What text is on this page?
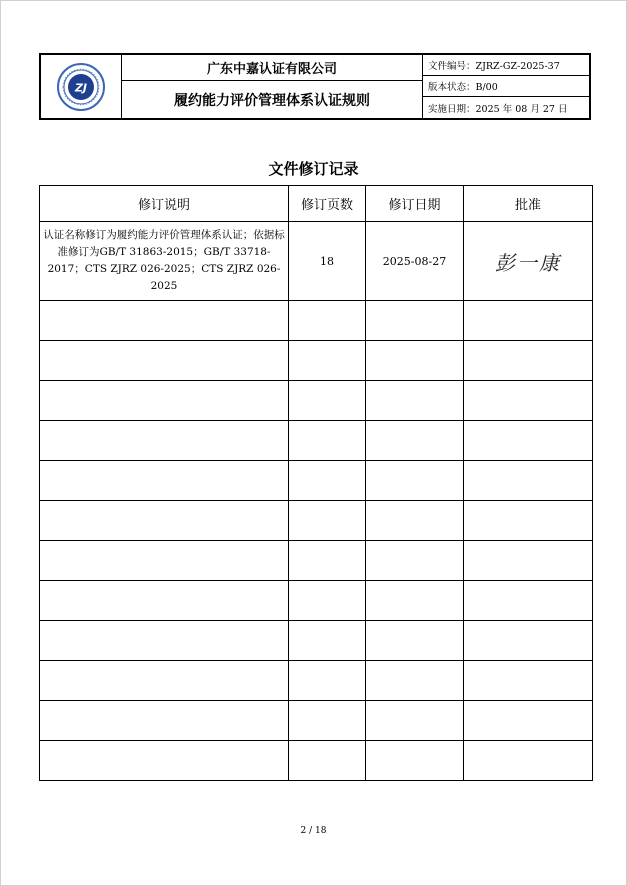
ZJ
广东中嘉认证有限公司
履约能力评价管理体系认证规则
文件编号：ZJRZ-GZ-2025-37
版本状态：B/00
实施日期：2025 年 08 月 27 日
文件修订记录
修订说明	修订页数	修订日期	批准

认证名称修订为履约能力评价管理体系认证；依据标准修订为GB/T 31863-2015；GB/T 33718-2017；CTS ZJRZ 026-2025；CTS ZJRZ 026-2025	18	2025-08-27	彭一康

2 / 18
